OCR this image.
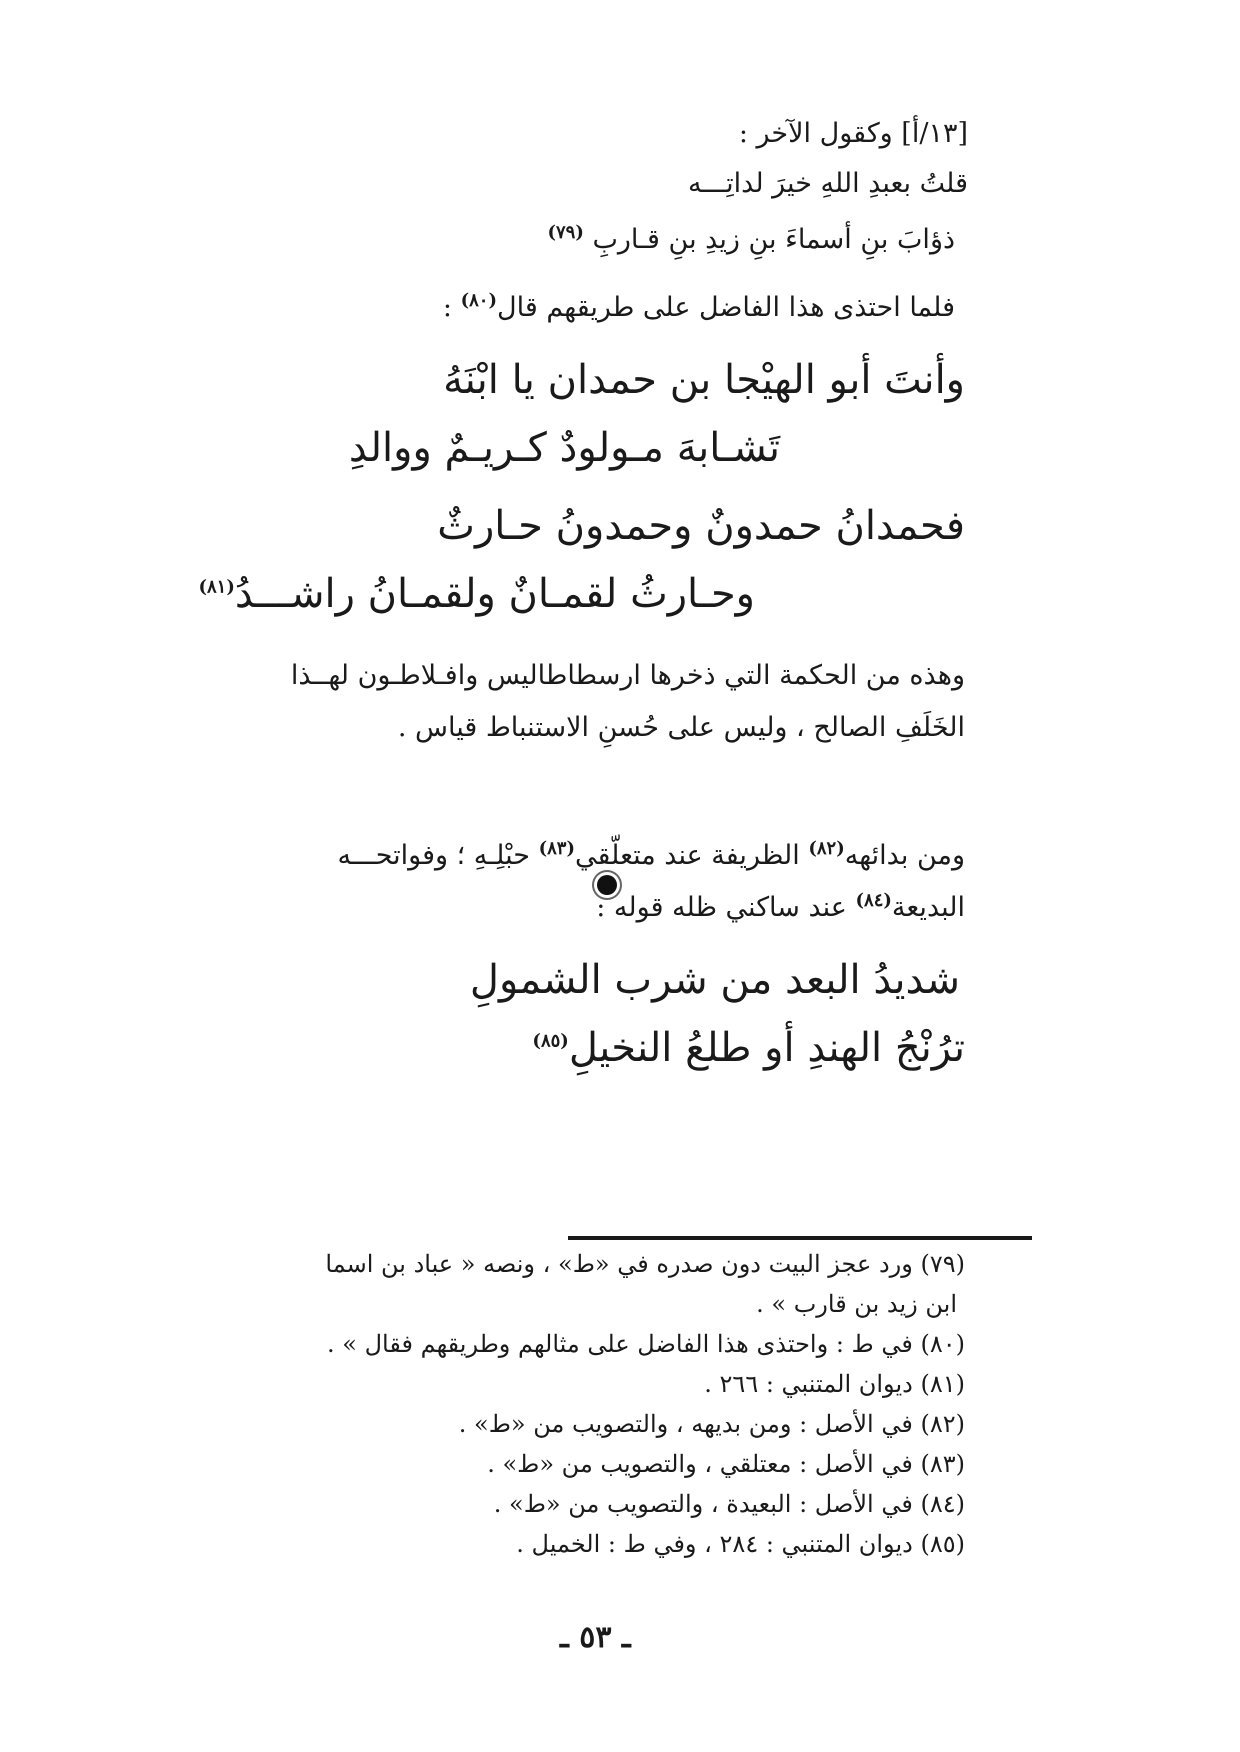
[١٣/أ] وكقول الآخر :
قلتُ بعبدِ اللهِ خيرَ لداتِـــه
ذؤابَ بنِ أسماءَ بنِ زيدِ بنِ قـاربِ $^{(٧٩)}$
فلما احتذى هذا الفاضل على طريقهم قال$^{(٨٠)}$ :
وأنتَ أبو الهيْجا بن حمدان يا ابْنَهُ
تَشـابهَ مـولودٌ كـريـمٌ ووالدِ
فحمدانُ حمدونٌ وحمدونُ حـارثٌ
وحـارثُ لقمـانٌ ولقمـانُ راشـــدُ$^{(٨١)}$
وهذه من الحكمة التي ذخرها ارسطاطاليس وافـلاطـون لهــذا
الخَلَفِ الصالح ، وليس على حُسنِ الاستنباط قياس .
ومن بدائهه$^{(٨٢)}$ الظريفة عند متعلّقي$^{(٨٣)}$ حبْلِـهِ ؛ وفواتحـــه
البديعة$^{(٨٤)}$ عند ساكني ظله قوله :
شديدُ البعد من شرب الشمولِ
ترُنْجُ الهندِ أو طلعُ النخيلِ$^{(٨٥)}$
(٧٩) ورد عجز البيت دون صدره في «ط» ، ونصه « عباد بن اسما
ابن زيد بن قارب » .
(٨٠) في ط : واحتذى هذا الفاضل على مثالهم وطريقهم فقال » .
(٨١) ديوان المتنبي : ٢٦٦ .
(٨٢) في الأصل : ومن بديهه ، والتصويب من «ط» .
(٨٣) في الأصل : معتلقي ، والتصويب من «ط» .
(٨٤) في الأصل : البعيدة ، والتصويب من «ط» .
(٨٥) ديوان المتنبي : ٢٨٤ ، وفي ط : الخميل .
ـ ٥٣ ـ
